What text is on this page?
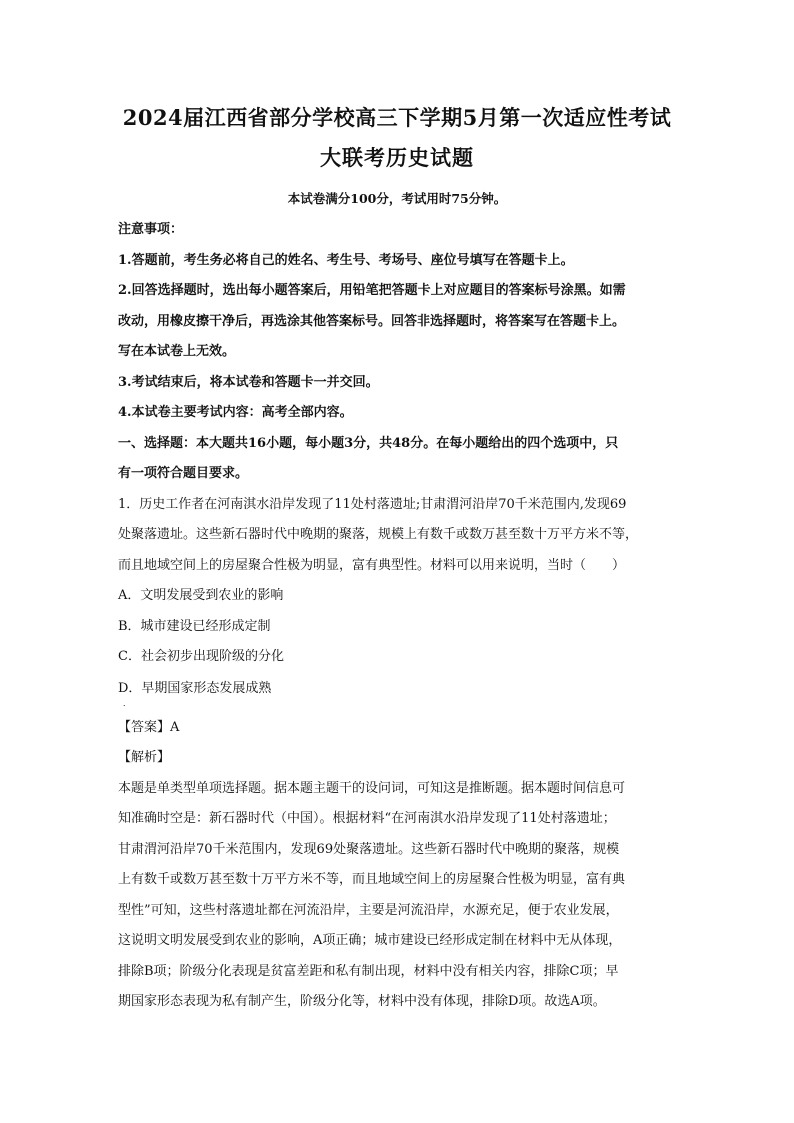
2024届江西省部分学校高三下学期5月第一次适应性考试
大联考历史试题
本试卷满分100分，考试用时75分钟。

注意事项：

1.答题前，考生务必将自己的姓名、考生号、考场号、座位号填写在答题卡上。

2.回答选择题时，选出每小题答案后，用铅笔把答题卡上对应题目的答案标号涂黑。如需

改动，用橡皮擦干净后，再选涂其他答案标号。回答非选择题时，将答案写在答题卡上。

写在本试卷上无效。

3.考试结束后，将本试卷和答题卡一并交回。

4.本试卷主要考试内容：高考全部内容。

一、选择题：本大题共16小题，每小题3分，共48分。在每小题给出的四个选项中，只

有一项符合题目要求。

1．历史工作者在河南淇水沿岸发现了11处村落遗址;甘肃渭河沿岸70千米范围内,发现69

处聚落遗址。这些新石器时代中晚期的聚落，规模上有数千或数万甚至数十万平方米不等，

而且地域空间上的房屋聚合性极为明显，富有典型性。材料可以用来说明，当时（　　）

A．文明发展受到农业的影响

B．城市建设已经形成定制

C．社会初步出现阶级的分化

D．早期国家形态发展成熟

．

【答案】A

【解析】

本题是单类型单项选择题。据本题主题干的设问词，可知这是推断题。据本题时间信息可

知准确时空是：新石器时代（中国）。根据材料“在河南淇水沿岸发现了11处村落遗址；

甘肃渭河沿岸70千米范围内，发现69处聚落遗址。这些新石器时代中晚期的聚落，规模

上有数千或数万甚至数十万平方米不等，而且地域空间上的房屋聚合性极为明显，富有典

型性”可知，这些村落遗址都在河流沿岸，主要是河流沿岸，水源充足，便于农业发展，

这说明文明发展受到农业的影响，A项正确；城市建设已经形成定制在材料中无从体现，

排除B项；阶级分化表现是贫富差距和私有制出现，材料中没有相关内容，排除C项；早

期国家形态表现为私有制产生，阶级分化等，材料中没有体现，排除D项。故选A项。
